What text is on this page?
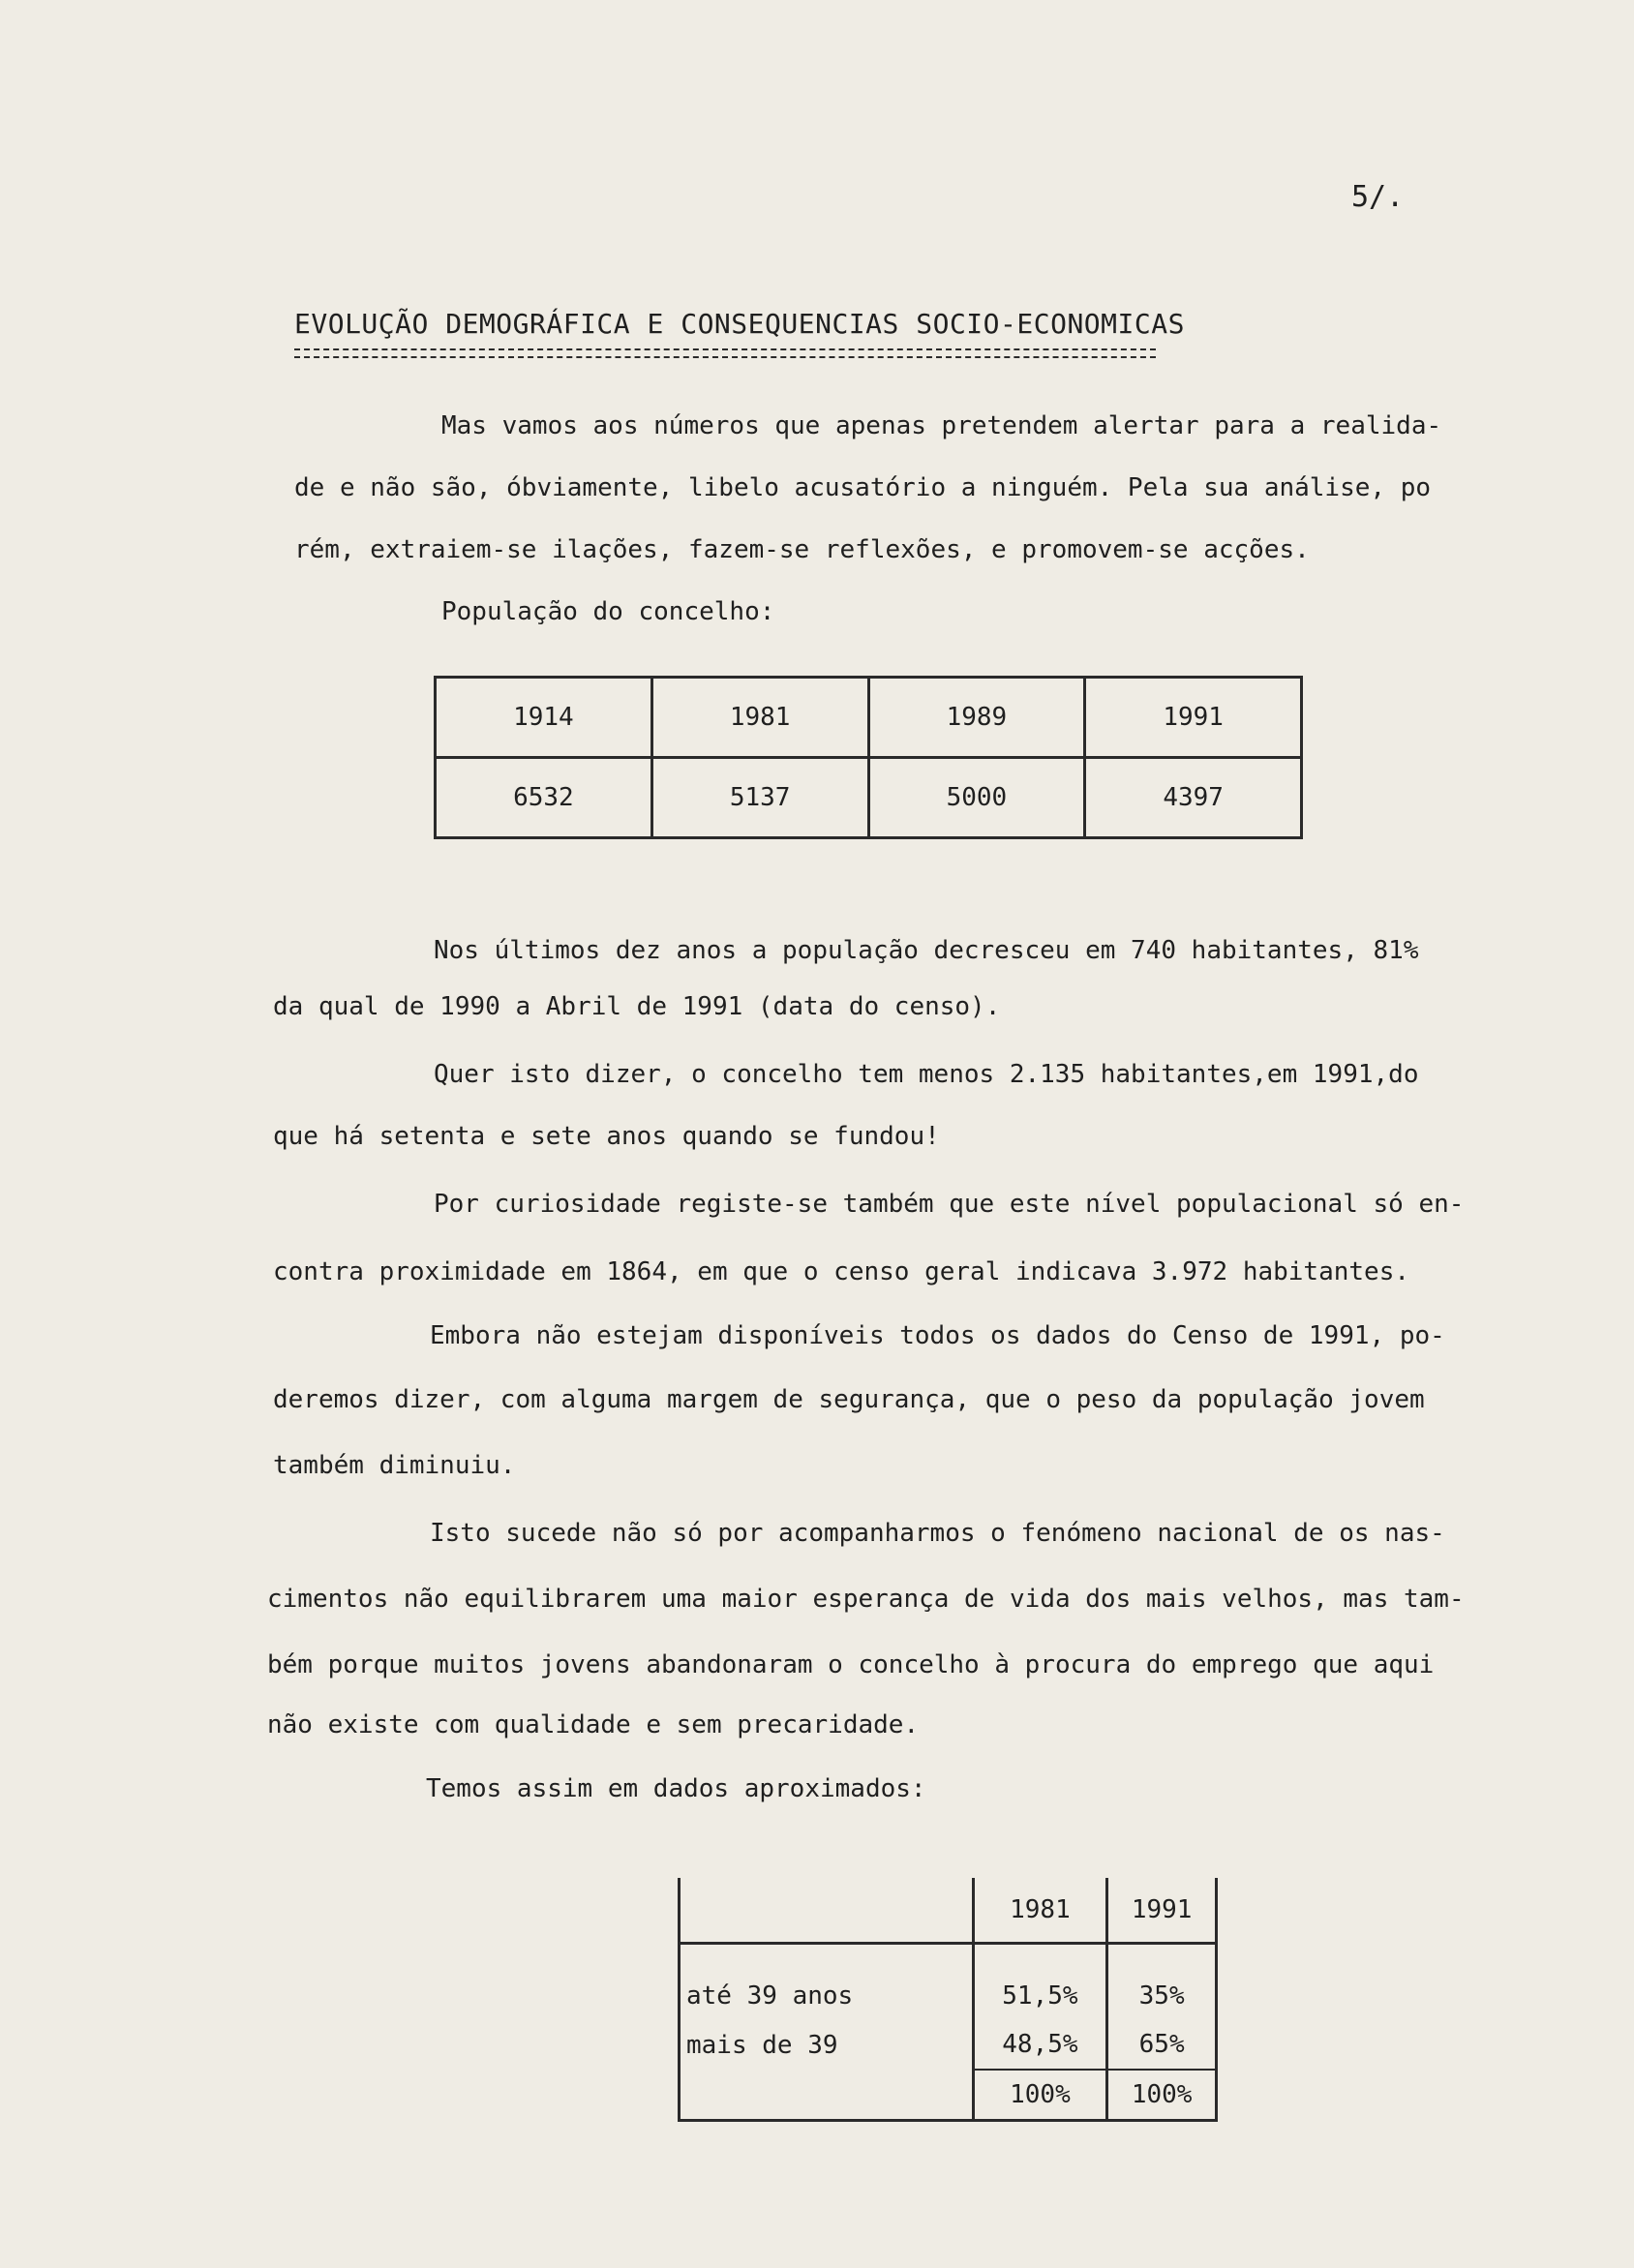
⠀	5/.
EVOLUÇÃO DEMOGRÁFICA E CONSEQUENCIAS SOCIO-ECONOMICAS
Mas vamos aos números que apenas pretendem alertar para a realida-
de e não são, óbviamente, libelo acusatório a ninguém. Pela sua análise, po
rém, extraiem-se ilações, fazem-se reflexões, e promovem-se acções.
População do concelho:
1914	1981	1989	1991
6532	5137	5000	4397
Nos últimos dez anos a população decresceu em 740 habitantes, 81%
da qual de 1990 a Abril de 1991 (data do censo).
Quer isto dizer, o concelho tem menos 2.135 habitantes,em 1991,do
que há setenta e sete anos quando se fundou!
Por curiosidade registe-se também que este nível populacional só en-
contra proximidade em 1864, em que o censo geral indicava 3.972 habitantes.
Embora não estejam disponíveis todos os dados do Censo de 1991, po-
deremos dizer, com alguma margem de segurança, que o peso da população jovem
também diminuiu.
Isto sucede não só por acompanharmos o fenómeno nacional de os nas-
cimentos não equilibrarem uma maior esperança de vida dos mais velhos, mas tam-
bém porque muitos jovens abandonaram o concelho à procura do emprego que aqui
não existe com qualidade e sem precaridade.
Temos assim em dados aproximados:
	1981	1991

até 39 anos	51,5%	35%
mais de 39	48,5%	65%
	100%	100%
